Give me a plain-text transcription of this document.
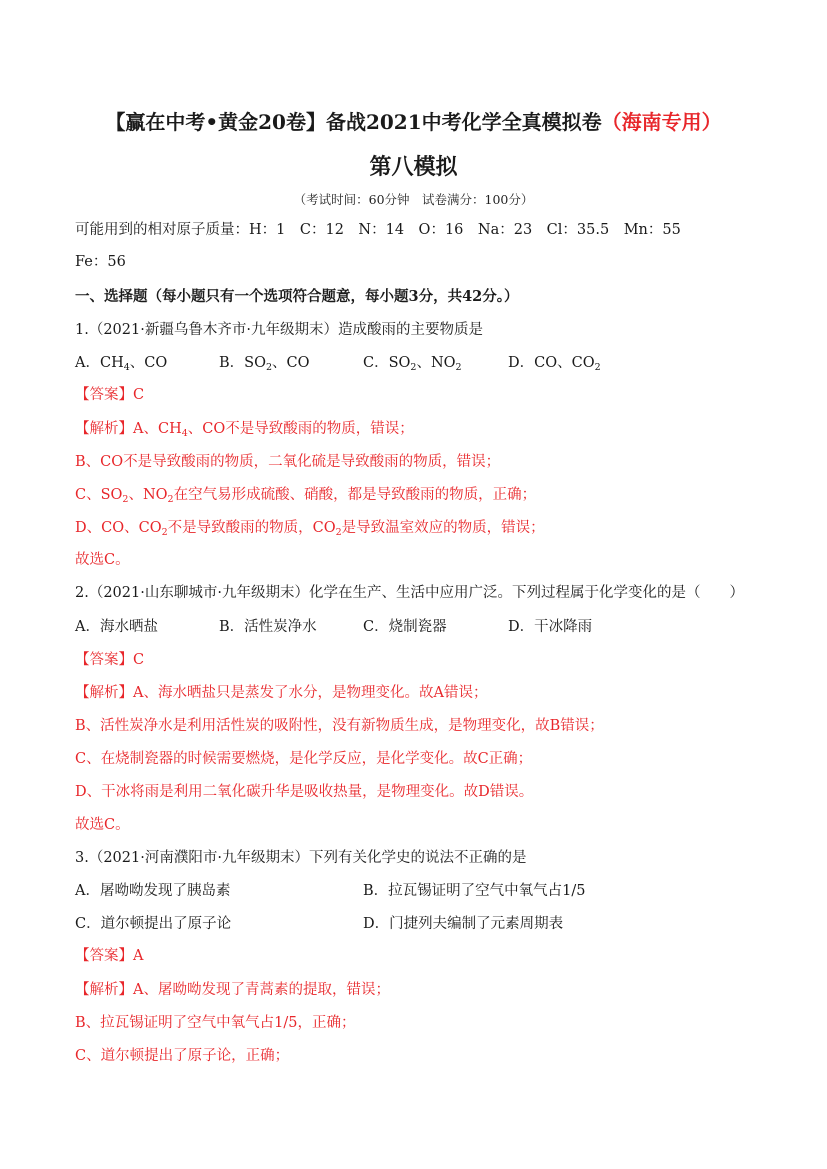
【赢在中考•黄金20卷】备战2021中考化学全真模拟卷（海南专用）
第八模拟
（考试时间：60分钟　试卷满分：100分）
可能用到的相对原子质量：H：1　C：12　N：14　O：16　Na：23　Cl：35.5　Mn：55
Fe：56
一、选择题（每小题只有一个选项符合题意，每小题3分，共42分。）
1.（2021·新疆乌鲁木齐市·九年级期末）造成酸雨的主要物质是
A．$CH_4$、CO	B．$SO_2$、CO	C．$SO_2$、$NO_2$	D．CO、$CO_2$
【答案】C
【解析】A、$CH_4$、CO不是导致酸雨的物质，错误；
B、CO不是导致酸雨的物质，二氧化硫是导致酸雨的物质，错误；
C、$SO_2$、$NO_2$在空气易形成硫酸、硝酸，都是导致酸雨的物质，正确；
D、CO、$CO_2$不是导致酸雨的物质，$CO_2$是导致温室效应的物质，错误；
故选C。
2.（2021·山东聊城市·九年级期末）化学在生产、生活中应用广泛。下列过程属于化学变化的是（　　）
A．海水晒盐	B．活性炭净水	C．烧制瓷器	D．干冰降雨
【答案】C
【解析】A、海水晒盐只是蒸发了水分，是物理变化。故A错误；
B、活性炭净水是利用活性炭的吸附性，没有新物质生成，是物理变化，故B错误；
C、在烧制瓷器的时候需要燃烧，是化学反应，是化学变化。故C正确；
D、干冰将雨是利用二氧化碳升华是吸收热量，是物理变化。故D错误。
故选C。
3.（2021·河南濮阳市·九年级期末）下列有关化学史的说法不正确的是
A．屠呦呦发现了胰岛素	B．拉瓦锡证明了空气中氧气占1/5
C．道尔顿提出了原子论	D．门捷列夫编制了元素周期表
【答案】A
【解析】A、屠呦呦发现了青蒿素的提取，错误；
B、拉瓦锡证明了空气中氧气占1/5，正确；
C、道尔顿提出了原子论，正确；
